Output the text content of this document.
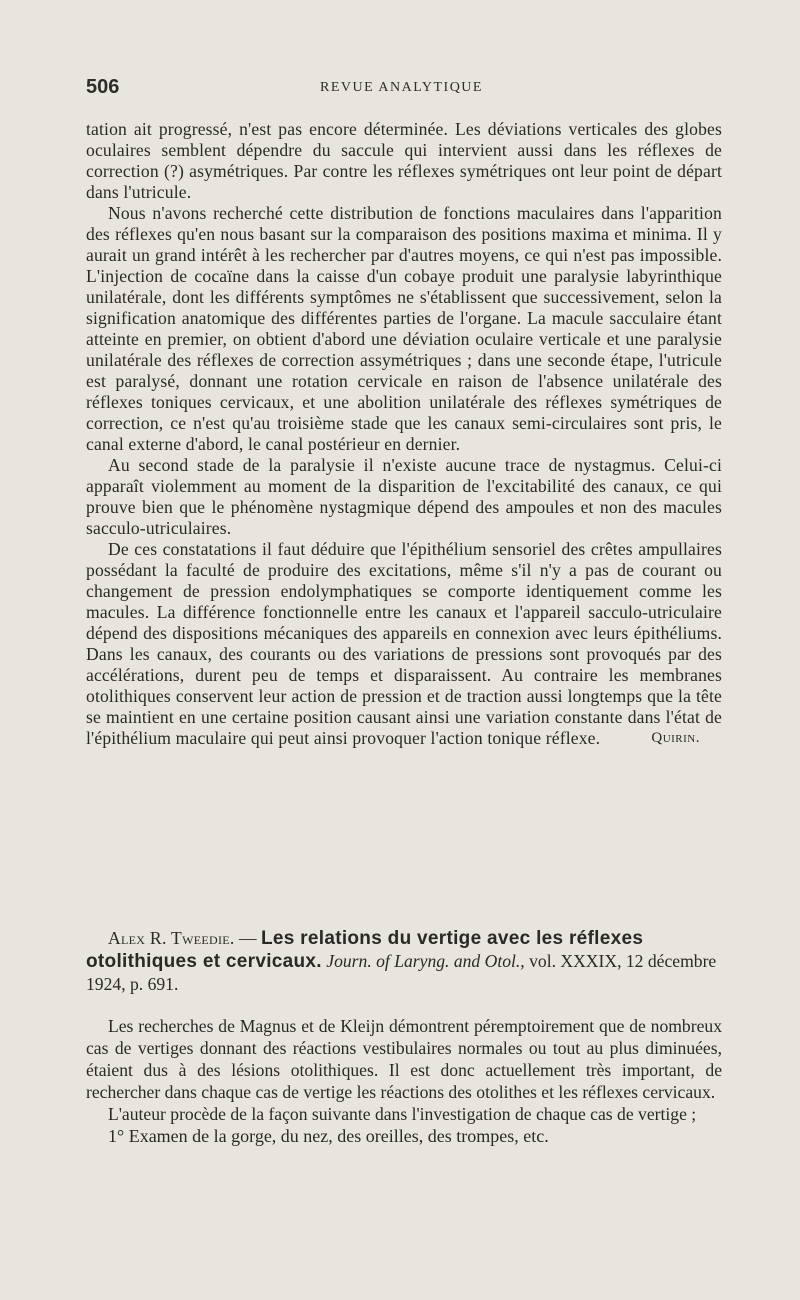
506	REVUE ANALYTIQUE

tation ait progressé, n'est pas encore déterminée. Les déviations verticales des globes oculaires semblent dépendre du saccule qui intervient aussi dans les réflexes de correction (?) asymétriques. Par contre les réflexes symétriques ont leur point de départ dans l'utricule.

Nous n'avons recherché cette distribution de fonctions maculaires dans l'apparition des réflexes qu'en nous basant sur la comparaison des positions maxima et minima. Il y aurait un grand intérêt à les rechercher par d'autres moyens, ce qui n'est pas impossible. L'injection de cocaïne dans la caisse d'un cobaye produit une paralysie labyrinthique unilatérale, dont les différents symptômes ne s'établissent que successivement, selon la signification anatomique des différentes parties de l'organe. La macule sacculaire étant atteinte en premier, on obtient d'abord une déviation oculaire verticale et une paralysie unilatérale des réflexes de correction assymétriques ; dans une seconde étape, l'utricule est paralysé, donnant une rotation cervicale en raison de l'absence unilatérale des réflexes toniques cervicaux, et une abolition unilatérale des réflexes symétriques de correction, ce n'est qu'au troisième stade que les canaux semi-circulaires sont pris, le canal externe d'abord, le canal postérieur en dernier.

Au second stade de la paralysie il n'existe aucune trace de nystagmus. Celui-ci apparaît violemment au moment de la disparition de l'excitabilité des canaux, ce qui prouve bien que le phénomène nystagmique dépend des ampoules et non des macules sacculo-utriculaires.

De ces constatations il faut déduire que l'épithélium sensoriel des crêtes ampullaires possédant la faculté de produire des excitations, même s'il n'y a pas de courant ou changement de pression endolymphatiques se comporte identiquement comme les macules. La différence fonctionnelle entre les canaux et l'appareil sacculo-utriculaire dépend des dispositions mécaniques des appareils en connexion avec leurs épithéliums. Dans les canaux, des courants ou des variations de pressions sont provoqués par des accélérations, durent peu de temps et disparaissent. Au contraire les membranes otolithiques conservent leur action de pression et de traction aussi longtemps que la tête se maintient en une certaine position causant ainsi une variation constante dans l'état de l'épithélium maculaire qui peut ainsi provoquer l'action tonique réflexe.	Quirin.

Alex R. Tweedie. — Les relations du vertige avec les réflexes otolithiques et cervicaux. Journ. of Laryng. and Otol., vol. XXXIX, 12 décembre 1924, p. 691.

Les recherches de Magnus et de Kleijn démontrent péremptoirement que de nombreux cas de vertiges donnant des réactions vestibulaires normales ou tout au plus diminuées, étaient dus à des lésions otolithiques. Il est donc actuellement très important, de rechercher dans chaque cas de vertige les réactions des otolithes et les réflexes cervicaux.

L'auteur procède de la façon suivante dans l'investigation de chaque cas de vertige ;

1° Examen de la gorge, du nez, des oreilles, des trompes, etc.
